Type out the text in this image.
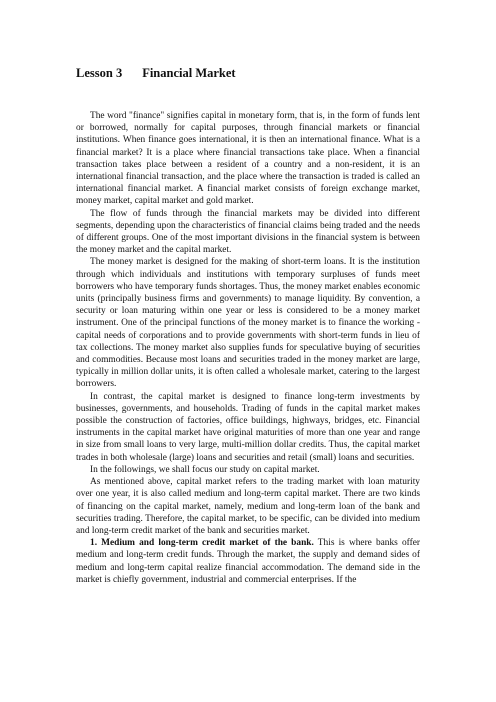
Lesson 3 Financial Market

The word "finance" signifies capital in monetary form, that is, in the form of funds lent or borrowed, normally for capital purposes, through financial markets or financial institutions. When finance goes international, it is then an international finance. What is a financial market? It is a place where financial transactions take place. When a financial transaction takes place between a resident of a country and a non-resident, it is an international financial transaction, and the place where the transaction is traded is called an international financial market. A financial market consists of foreign exchange market, money market, capital market and gold market.

The flow of funds through the financial markets may be divided into different segments, depending upon the characteristics of financial claims being traded and the needs of different groups. One of the most important divisions in the financial system is between the money market and the capital market.

The money market is designed for the making of short-term loans. It is the institution through which individuals and institutions with temporary surpluses of funds meet borrowers who have temporary funds shortages. Thus, the money market enables economic units (principally business firms and governments) to manage liquidity. By convention, a security or loan maturing within one year or less is considered to be a money market instrument. One of the principal functions of the money market is to finance the working -capital needs of corporations and to provide governments with short-term funds in lieu of tax collections. The money market also supplies funds for speculative buying of securities and commodities. Because most loans and securities traded in the money market are large, typically in million dollar units, it is often called a wholesale market, catering to the largest borrowers.

In contrast, the capital market is designed to finance long-term investments by businesses, governments, and households. Trading of funds in the capital market makes possible the construction of factories, office buildings, highways, bridges, etc. Financial instruments in the capital market have original maturities of more than one year and range in size from small loans to very large, multi-million dollar credits. Thus, the capital market trades in both wholesale (large) loans and securities and retail (small) loans and securities.

In the followings, we shall focus our study on capital market.

As mentioned above, capital market refers to the trading market with loan maturity over one year, it is also called medium and long-term capital market. There are two kinds of financing on the capital market, namely, medium and long-term loan of the bank and securities trading. Therefore, the capital market, to be specific, can be divided into medium and long-term credit market of the bank and securities market.

1. Medium and long-term credit market of the bank. This is where banks offer medium and long-term credit funds. Through the market, the supply and demand sides of medium and long-term capital realize financial accommodation. The demand side in the market is chiefly government, industrial and commercial enterprises. If the
